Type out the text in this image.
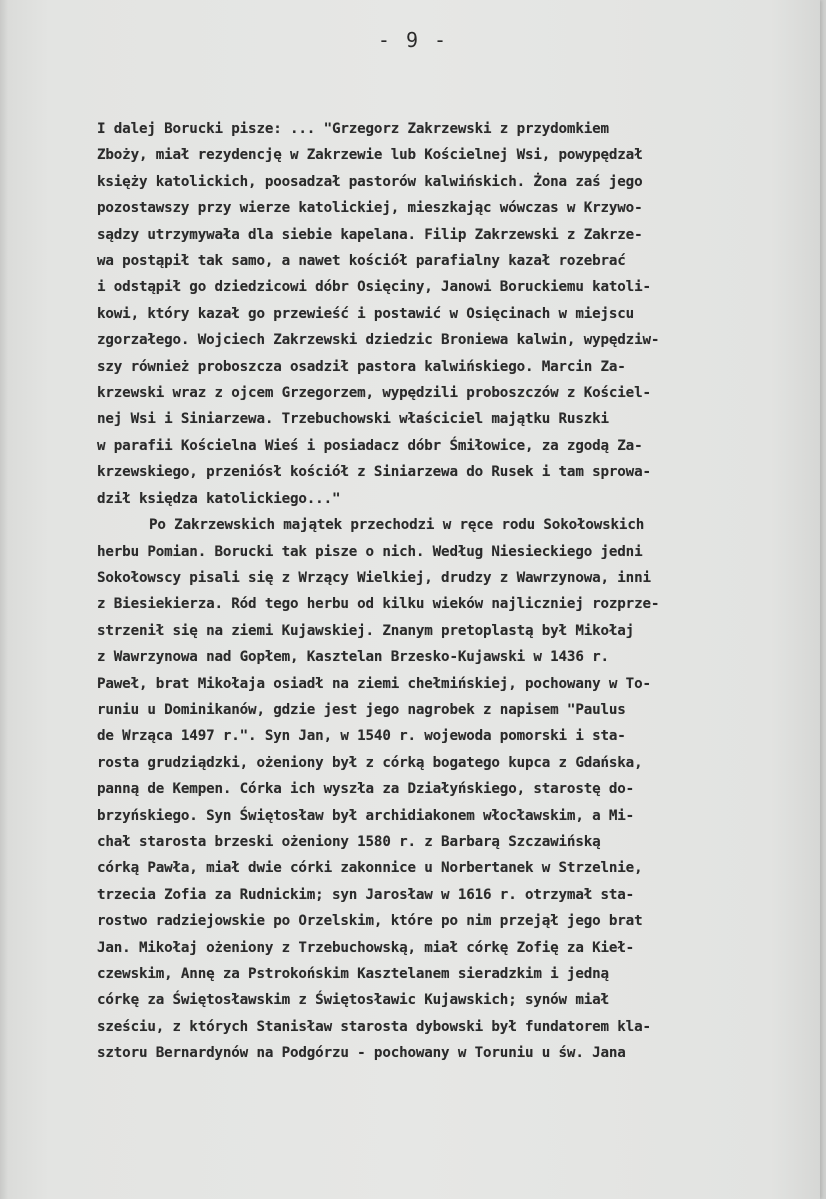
- 9 -
I dalej Borucki pisze: ... "Grzegorz Zakrzewski z przydomkiem
Zboży, miał rezydencję w Zakrzewie lub Kościelnej Wsi, powypędzał
księży katolickich, poosadzał pastorów kalwińskich. Żona zaś jego
pozostawszy przy wierze katolickiej, mieszkając wówczas w Krzywo-
sądzy utrzymywała dla siebie kapelana. Filip Zakrzewski z Zakrze-
wa postąpił tak samo, a nawet kościół parafialny kazał rozebrać
i odstąpił go dziedzicowi dóbr Osięciny, Janowi Boruckiemu katoli-
kowi, który kazał go przewieść i postawić w Osięcinach w miejscu
zgorzałego. Wojciech Zakrzewski dziedzic Broniewa kalwin, wypędziw-
szy również proboszcza osadził pastora kalwińskiego. Marcin Za-
krzewski wraz z ojcem Grzegorzem, wypędzili proboszczów z Kościel-
nej Wsi i Siniarzewa. Trzebuchowski właściciel majątku Ruszki
w parafii Kościelna Wieś i posiadacz dóbr Śmiłowice, za zgodą Za-
krzewskiego, przeniósł kościół z Siniarzewa do Rusek i tam sprowa-
dził księdza katolickiego..."
Po Zakrzewskich majątek przechodzi w ręce rodu Sokołowskich
herbu Pomian. Borucki tak pisze o nich. Według Niesieckiego jedni
Sokołowscy pisali się z Wrzący Wielkiej, drudzy z Wawrzynowa, inni
z Biesiekierza. Ród tego herbu od kilku wieków najliczniej rozprze-
strzenił się na ziemi Kujawskiej. Znanym pretoplastą był Mikołaj
z Wawrzynowa nad Gopłem, Kasztelan Brzesko-Kujawski w 1436 r.
Paweł, brat Mikołaja osiadł na ziemi chełmińskiej, pochowany w To-
runiu u Dominikanów, gdzie jest jego nagrobek z napisem "Paulus
de Wrząca 1497 r.". Syn Jan, w 1540 r. wojewoda pomorski i sta-
rosta grudziądzki, ożeniony był z córką bogatego kupca z Gdańska,
panną de Kempen. Córka ich wyszła za Działyńskiego, starostę do-
brzyńskiego. Syn Świętosław był archidiakonem włocławskim, a Mi-
chał starosta brzeski ożeniony 1580 r. z Barbarą Szczawińską
córką Pawła, miał dwie córki zakonnice u Norbertanek w Strzelnie,
trzecia Zofia za Rudnickim; syn Jarosław w 1616 r. otrzymał sta-
rostwo radziejowskie po Orzelskim, które po nim przejął jego brat
Jan. Mikołaj ożeniony z Trzebuchowską, miał córkę Zofię za Kieł-
czewskim, Annę za Pstrokońskim Kasztelanem sieradzkim i jedną
córkę za Świętosławskim z Świętosławic Kujawskich; synów miał
sześciu, z których Stanisław starosta dybowski był fundatorem kla-
sztoru Bernardynów na Podgórzu - pochowany w Toruniu u św. Jana
